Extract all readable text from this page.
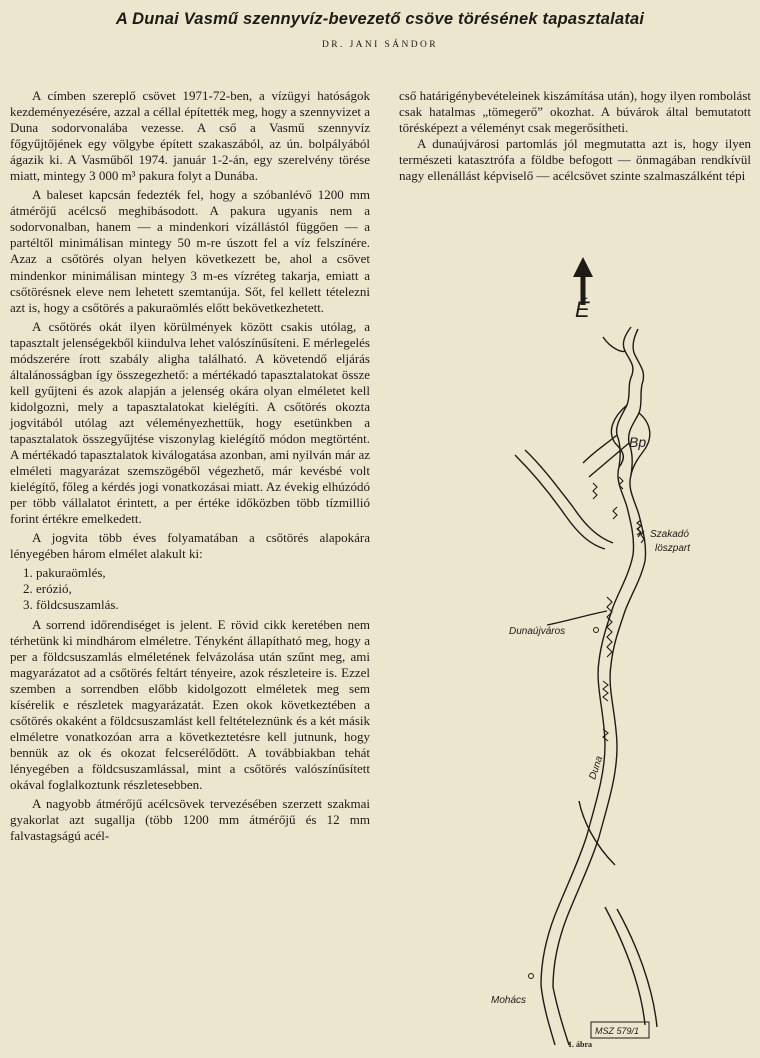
A Dunai Vasmű szennyvíz-bevezető csöve törésének tapasztalatai
DR. JANI SÁNDOR

A címben szereplő csövet 1971-72-ben, a vízügyi hatóságok kezdeményezésére, azzal a céllal építették meg, hogy a szennyvizet a Duna sodorvonalába vezesse. A cső a Vasmű szennyvíz főgyűjtőjének egy völgybe épített szakaszából, az ún. bolpályából ágazik ki. A Vasműből 1974. január 1-2-án, egy szerelvény törése miatt, mintegy 3 000 m³ pakura folyt a Dunába.

A baleset kapcsán fedezték fel, hogy a szóbanlévő 1200 mm átmérőjű acélcső meghibásodott. A pakura ugyanis nem a sodorvonalban, hanem — a mindenkori vízállástól függően — a partéltől minimálisan mintegy 50 m-re úszott fel a víz felszínére. Azaz a csőtörés olyan helyen következett be, ahol a csövet mindenkor minimálisan mintegy 3 m-es vízréteg takarja, emiatt a csőtörésnek eleve nem lehetett szemtanúja. Sőt, fel kellett tételezni azt is, hogy a csőtörés a pakuraömlés előtt bekövetkezhetett.

A csőtörés okát ilyen körülmények között csakis utólag, a tapasztalt jelenségekből kiindulva lehet valószínűsíteni. E mérlegelés módszerére írott szabály aligha található. A követendő eljárás általánosságban így összegezhető: a mértékadó tapasztalatokat össze kell gyűjteni és azok alapján a jelenség okára olyan elméletet kell kidolgozni, mely a tapasztalatokat kielégíti. A csőtörés okozta jogvitából utólag azt véleményezhettük, hogy esetünkben a tapasztalatok összegyűjtése viszonylag kielégítő módon megtörtént. A mértékadó tapasztalatok kiválogatása azonban, ami nyilván már az elméleti magyarázat szemszögéből végezhető, már kevésbé volt kielégítő, főleg a kérdés jogi vonatkozásai miatt. Az évekig elhúzódó per több vállalatot érintett, a per értéke időközben több tízmillió forint értékre emelkedett.

A jogvita több éves folyamatában a csőtörés alapokára lényegében három elmélet alakult ki:

1. pakuraömlés,
2. erózió,
3. földcsuszamlás.

A sorrend időrendiséget is jelent. E rövid cikk keretében nem térhetünk ki mindhárom elméletre. Tényként állapítható meg, hogy a per a földcsuszamlás elméletének felvázolása után szűnt meg, ami magyarázatot ad a csőtörés feltárt tényeire, azok részleteire is. Ezzel szemben a sorrendben előbb kidolgozott elméletek meg sem kísérelik e részletek magyarázatát. Ezen okok következtében a csőtörés okaként a földcsuszamlást kell feltételeznünk és a két másik elméletre vonatkozóan arra a következtetésre kell jutnunk, hogy bennük az ok és okozat felcserélődött. A továbbiakban tehát lényegében a földcsuszamlással, mint a csőtörés valószínűsített okával foglalkoztunk részletesebben.

A nagyobb átmérőjű acélcsövek tervezésében szerzett szakmai gyakorlat azt sugallja (több 1200 mm átmérőjű és 12 mm falvastagságú acél-

cső határigénybevételeinek kiszámítása után), hogy ilyen rombolást csak hatalmas „tömegerő” okozhat. A búvárok által bemutatott törésképezt a véleményt csak megerősítheti.

A dunaújvárosi partomlás jól megmutatta azt is, hogy ilyen természeti katasztrófa a földbe befogott — önmagában rendkívül nagy ellenállást képviselő — acélcsövet szinte szalmaszálként tépi

É
Bp
Szakadó
löszpart
Dunaújváros
Duna
Mohács
MSZ 579/1
1. ábra
